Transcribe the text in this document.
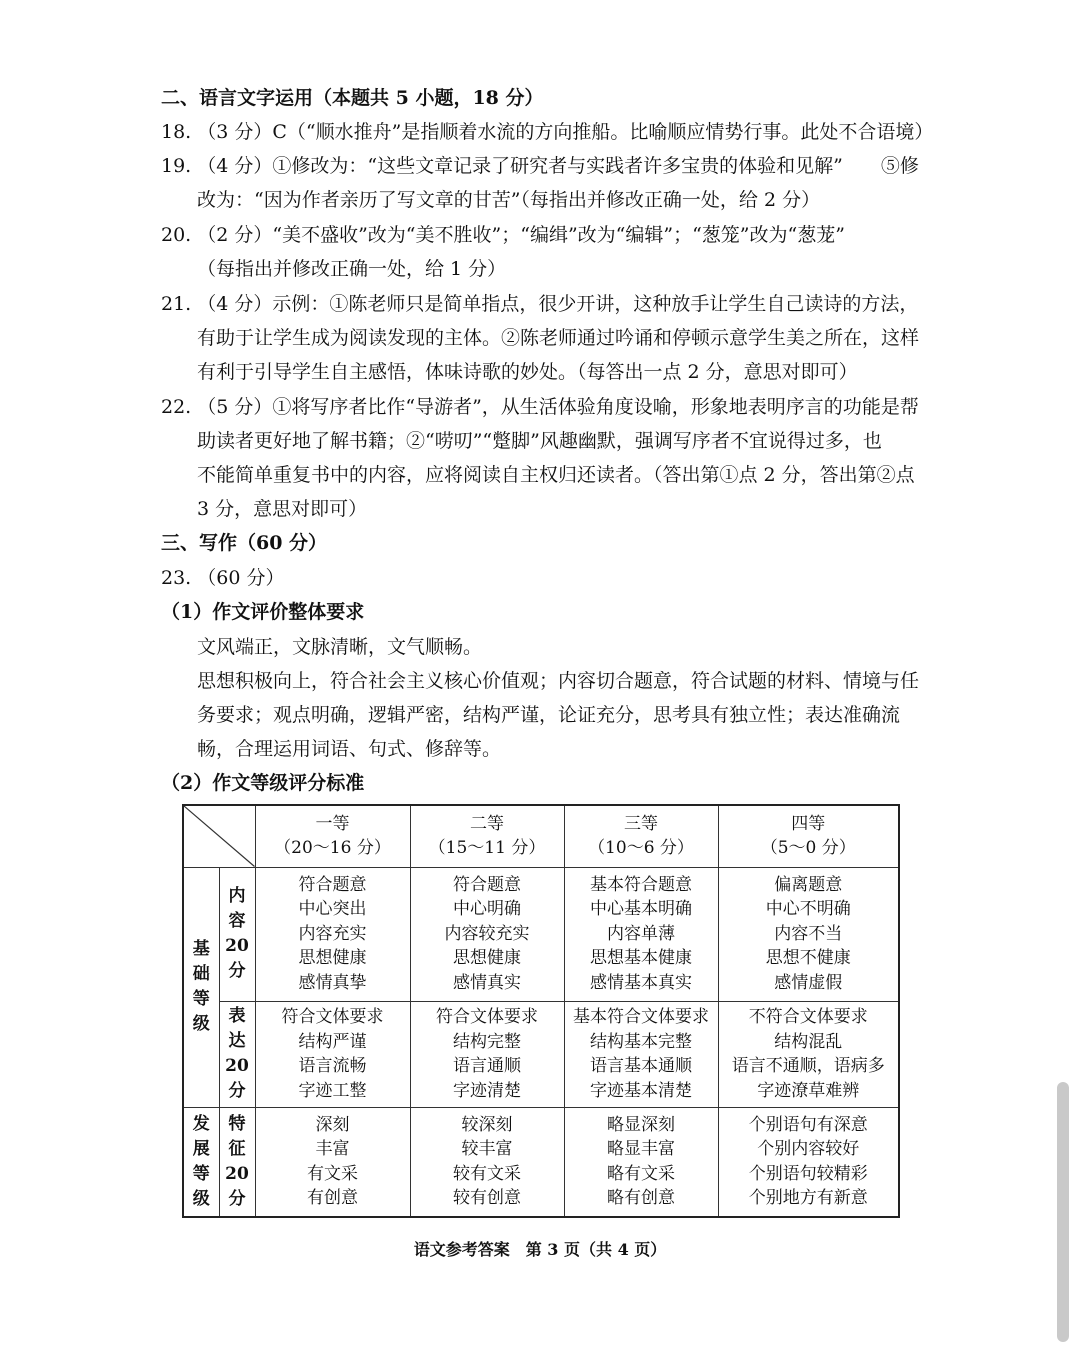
二、语言文字运用（本题共 5 小题，18 分）
18. （3 分）C（“顺水推舟”是指顺着水流的方向推船。比喻顺应情势行事。此处不合语境）
19. （4 分）①修改为：“这些文章记录了研究者与实践者许多宝贵的体验和见解”　　⑤修
改为：“因为作者亲历了写文章的甘苦”（每指出并修改正确一处，给 2 分）
20. （2 分）“美不盛收”改为“美不胜收”；“编缉”改为“编辑”；“葱笼”改为“葱茏”
（每指出并修改正确一处，给 1 分）
21. （4 分）示例：①陈老师只是简单指点，很少开讲，这种放手让学生自己读诗的方法，
有助于让学生成为阅读发现的主体。②陈老师通过吟诵和停顿示意学生美之所在，这样
有利于引导学生自主感悟，体味诗歌的妙处。（每答出一点 2 分，意思对即可）
22. （5 分）①将写序者比作“导游者”，从生活体验角度设喻，形象地表明序言的功能是帮
助读者更好地了解书籍；②“唠叨”“蹩脚”风趣幽默，强调写序者不宜说得过多，也
不能简单重复书中的内容，应将阅读自主权归还读者。（答出第①点 2 分，答出第②点
3 分，意思对即可）
三、写作（60 分）
23. （60 分）
（1）作文评价整体要求
文风端正，文脉清晰，文气顺畅。
思想积极向上，符合社会主义核心价值观；内容切合题意，符合试题的材料、情境与任
务要求；观点明确，逻辑严密，结构严谨，论证充分，思考具有独立性；表达准确流
畅，合理运用词语、句式、修辞等。
（2）作文等级评分标准

一等
（20～16 分）	二等
（15～11 分）	三等
（10～6 分）	四等
（5～0 分）

基
础
等
级	内
容
20
分	符合题意
中心突出
内容充实
思想健康
感情真挚	符合题意
中心明确
内容较充实
思想健康
感情真实	基本符合题意
中心基本明确
内容单薄
思想基本健康
感情基本真实	偏离题意
中心不明确
内容不当
思想不健康
感情虚假

	表
达
20
分	符合文体要求
结构严谨
语言流畅
字迹工整	符合文体要求
结构完整
语言通顺
字迹清楚	基本符合文体要求
结构基本完整
语言基本通顺
字迹基本清楚	不符合文体要求
结构混乱
语言不通顺，语病多
字迹潦草难辨

发
展
等
级	特
征
20
分	深刻
丰富
有文采
有创意	较深刻
较丰富
较有文采
较有创意	略显深刻
略显丰富
略有文采
略有创意	个别语句有深意
个别内容较好
个别语句较精彩
个别地方有新意
语文参考答案　第 3 页（共 4 页）
